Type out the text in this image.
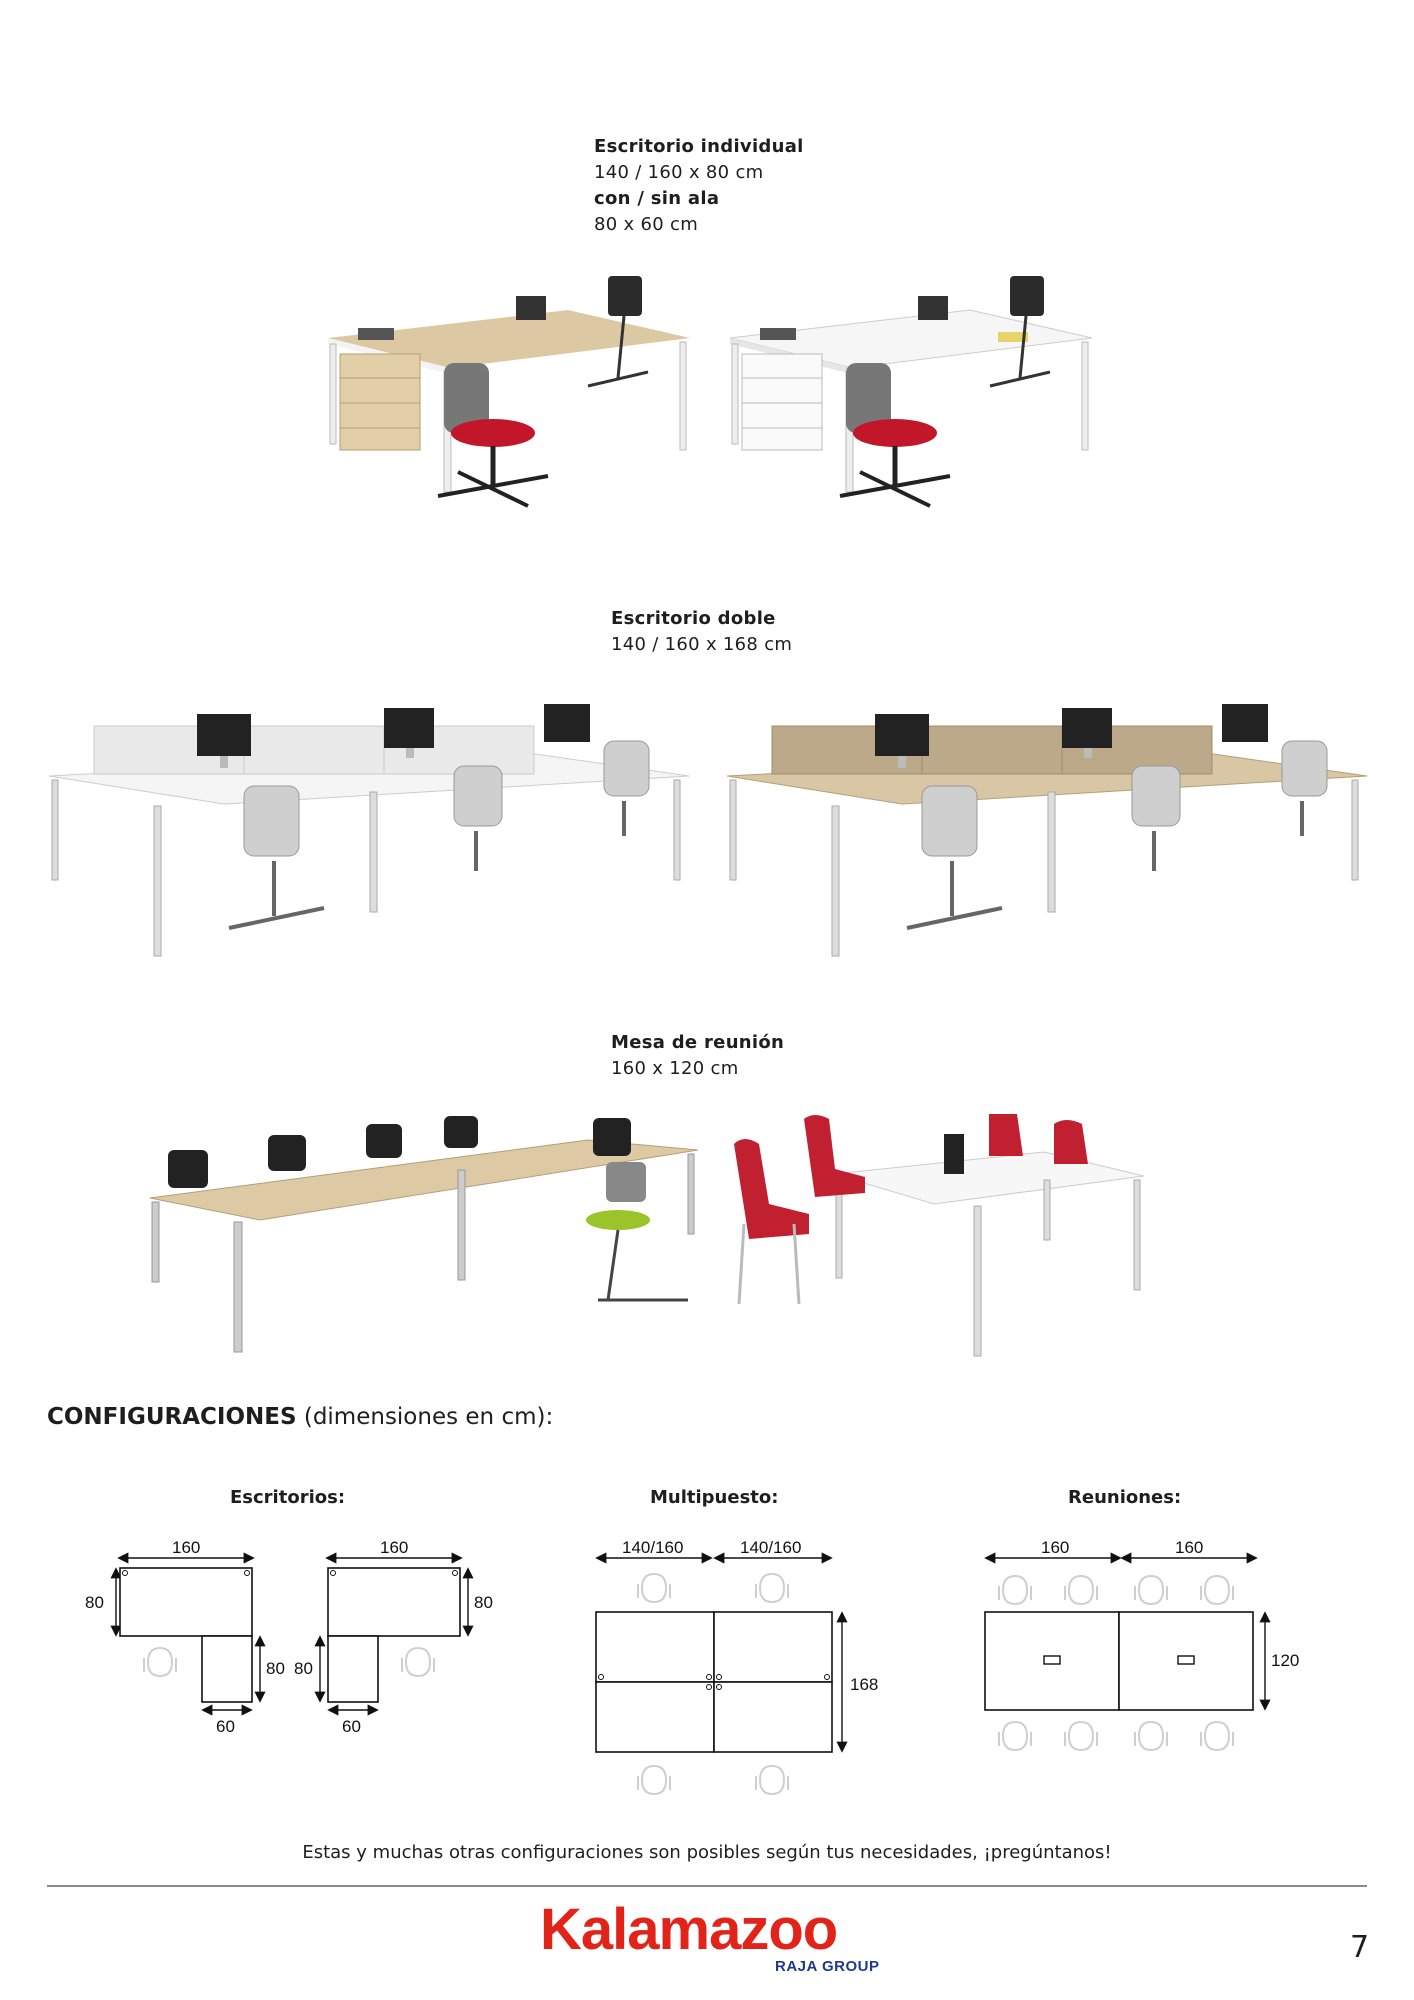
Escritorio individual
140 / 160 x 80 cm
con / sin ala
80 x 60 cm
Escritorio doble
140 / 160 x 168 cm
Mesa de reunión
160 x 120 cm
CONFIGURACIONES (dimensiones en cm):
Escritorios:	Multipuesto:	Reuniones:
160
80
80
60
160
80
80
60
140/160	140/160
168
160	160
120
Estas y muchas otras configuraciones son posibles según tus necesidades, ¡pregúntanos!
Kalamazoo
RAJA GROUP
7
